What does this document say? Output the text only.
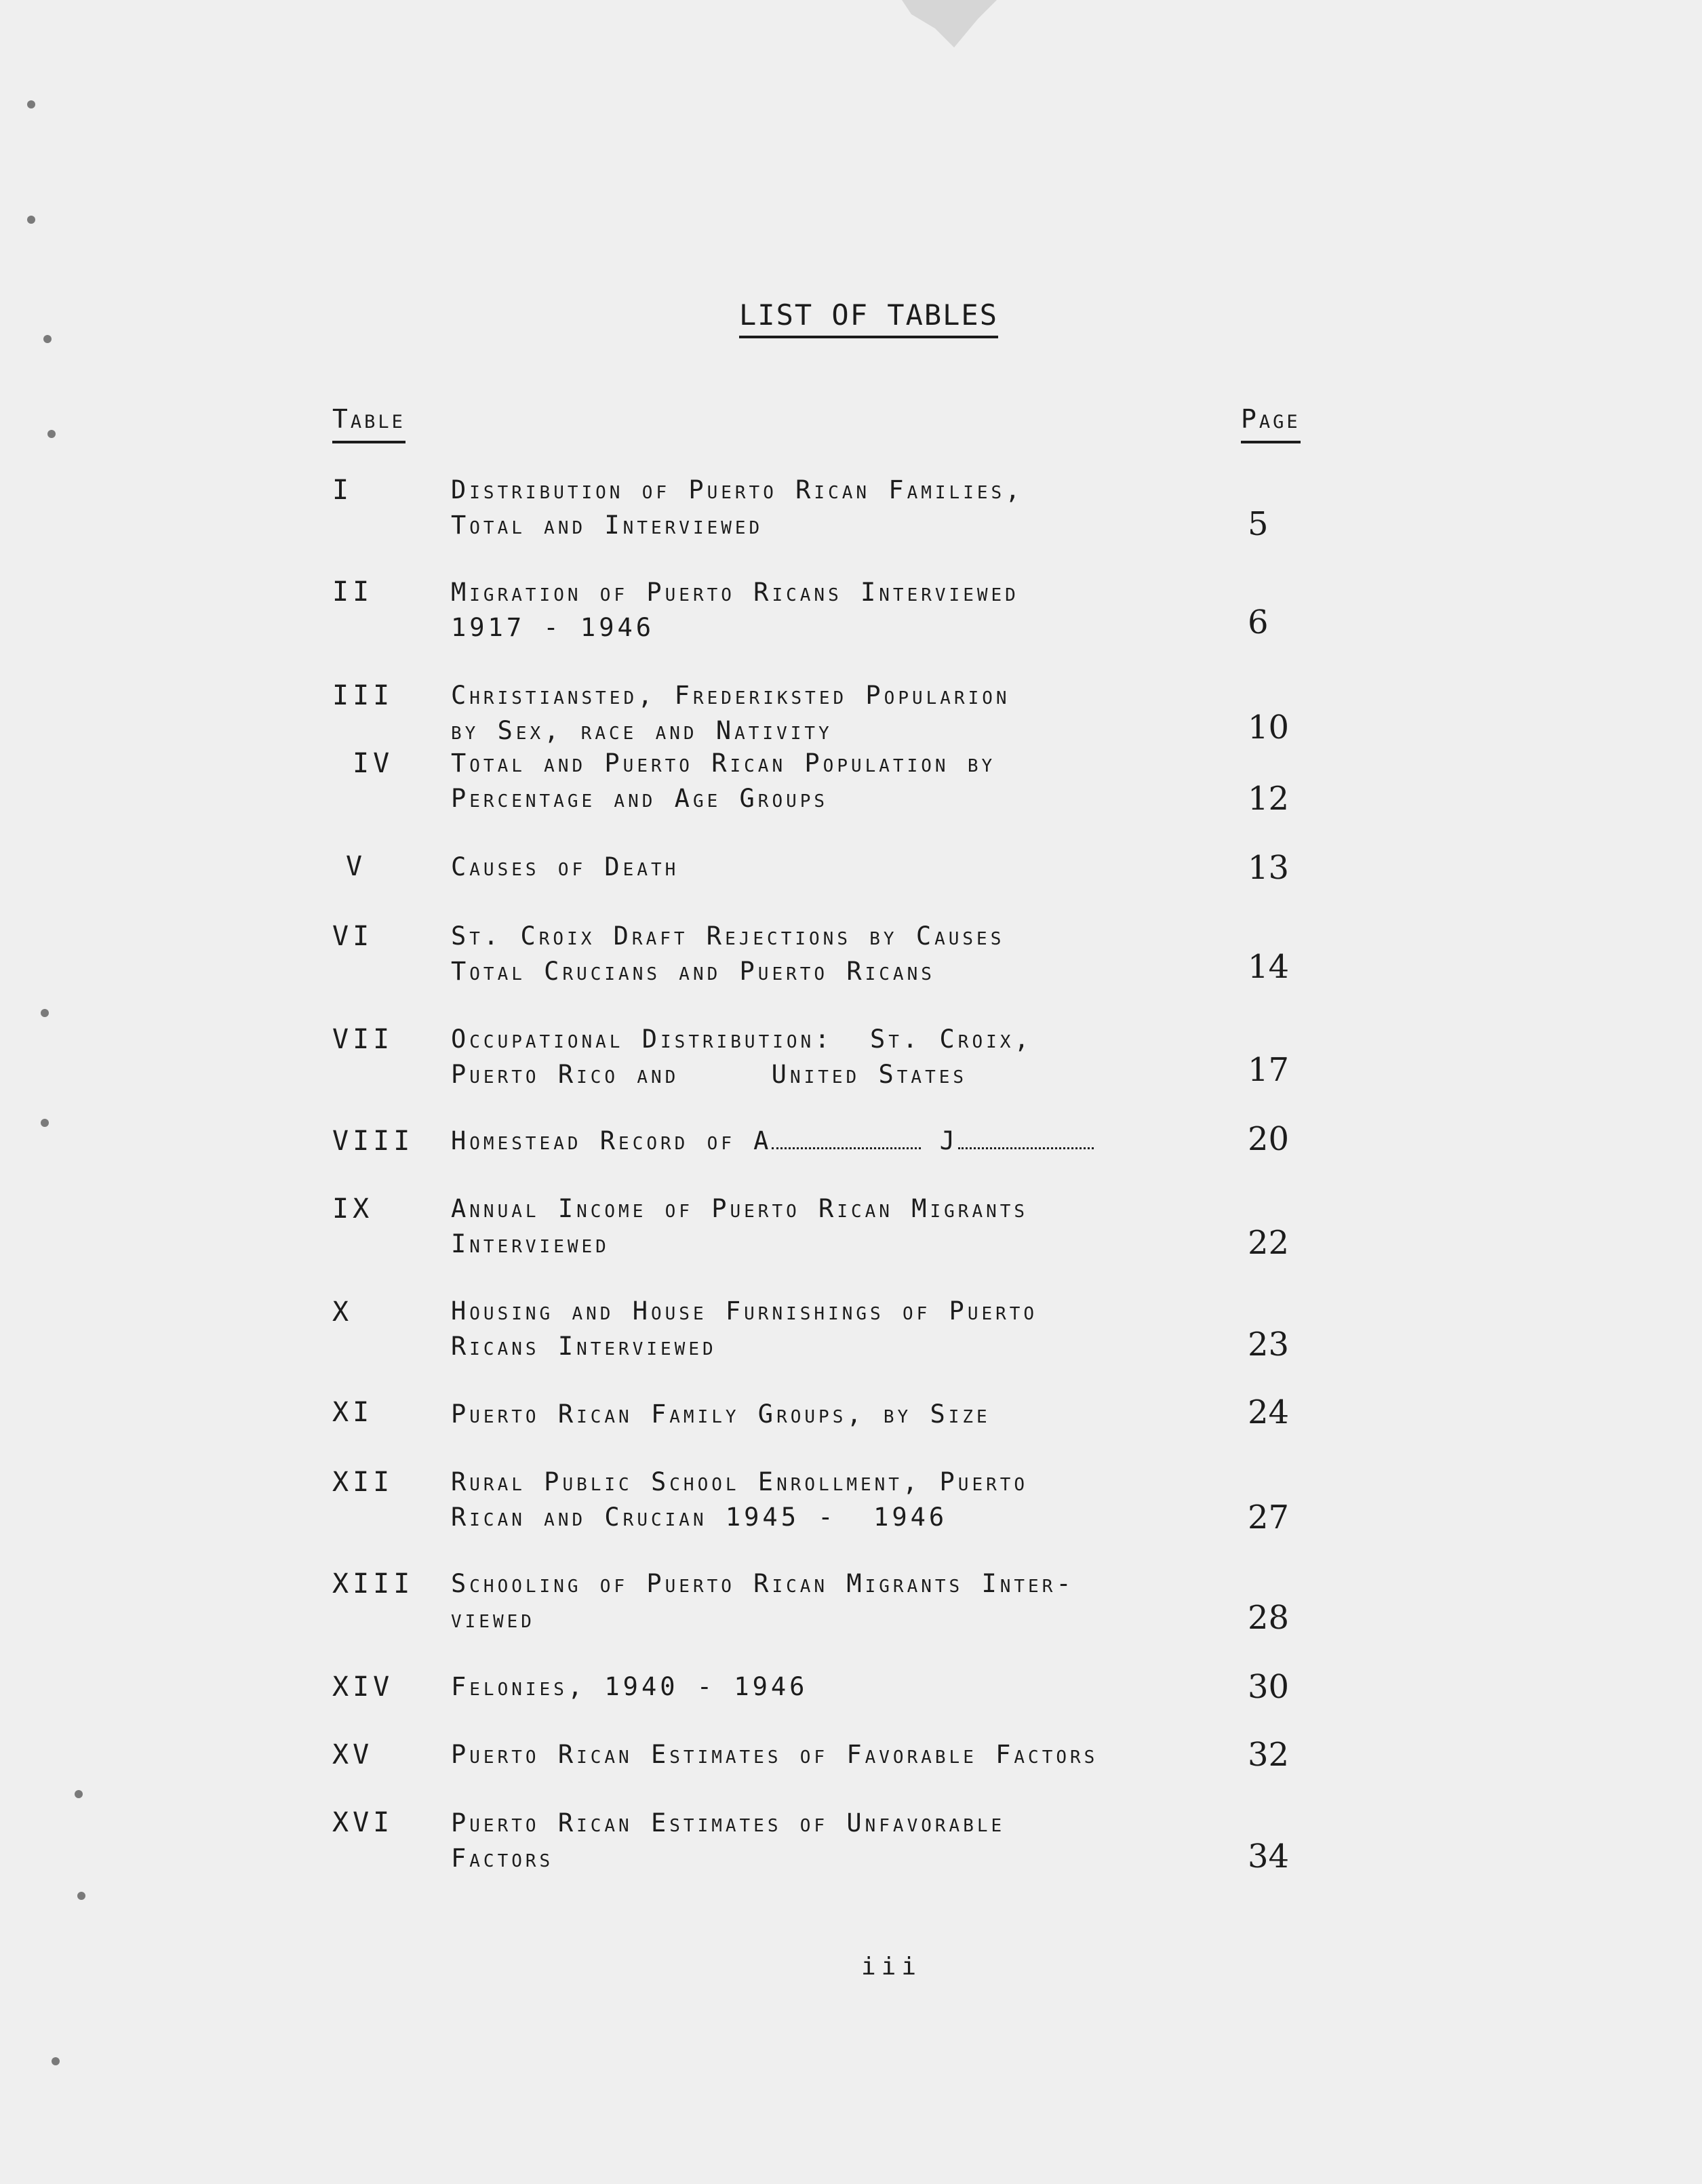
LIST OF TABLES
Table	Page
I	Distribution of Puerto Rican Families,
Total and Interviewed	5
II	Migration of Puerto Ricans Interviewed
1917 - 1946	6
III Christiansted, Frederiksted Popularion
by Sex, race and Nativity	10
IV Total and Puerto Rican Population by
Percentage and Age Groups	12
V	Causes of Death	13
VI	St. Croix Draft Rejections by Causes
Total Crucians and Puerto Ricans	14
VII Occupational Distribution:  St. Croix,
Puerto Rico and     United States	17
VIII Homestead Record of A	J	20
IX	Annual Income of Puerto Rican Migrants
Interviewed	22
X	Housing and House Furnishings of Puerto
Ricans Interviewed	23
XI	Puerto Rican Family Groups, by Size	24
XII Rural Public School Enrollment, Puerto
Rican and Crucian 1945 -  1946	27
XIII Schooling of Puerto Rican Migrants Inter-
viewed	28
XIV Felonies, 1940 - 1946	30
XV	Puerto Rican Estimates of Favorable Factors	32
XVI Puerto Rican Estimates of Unfavorable
Factors	34
iii
